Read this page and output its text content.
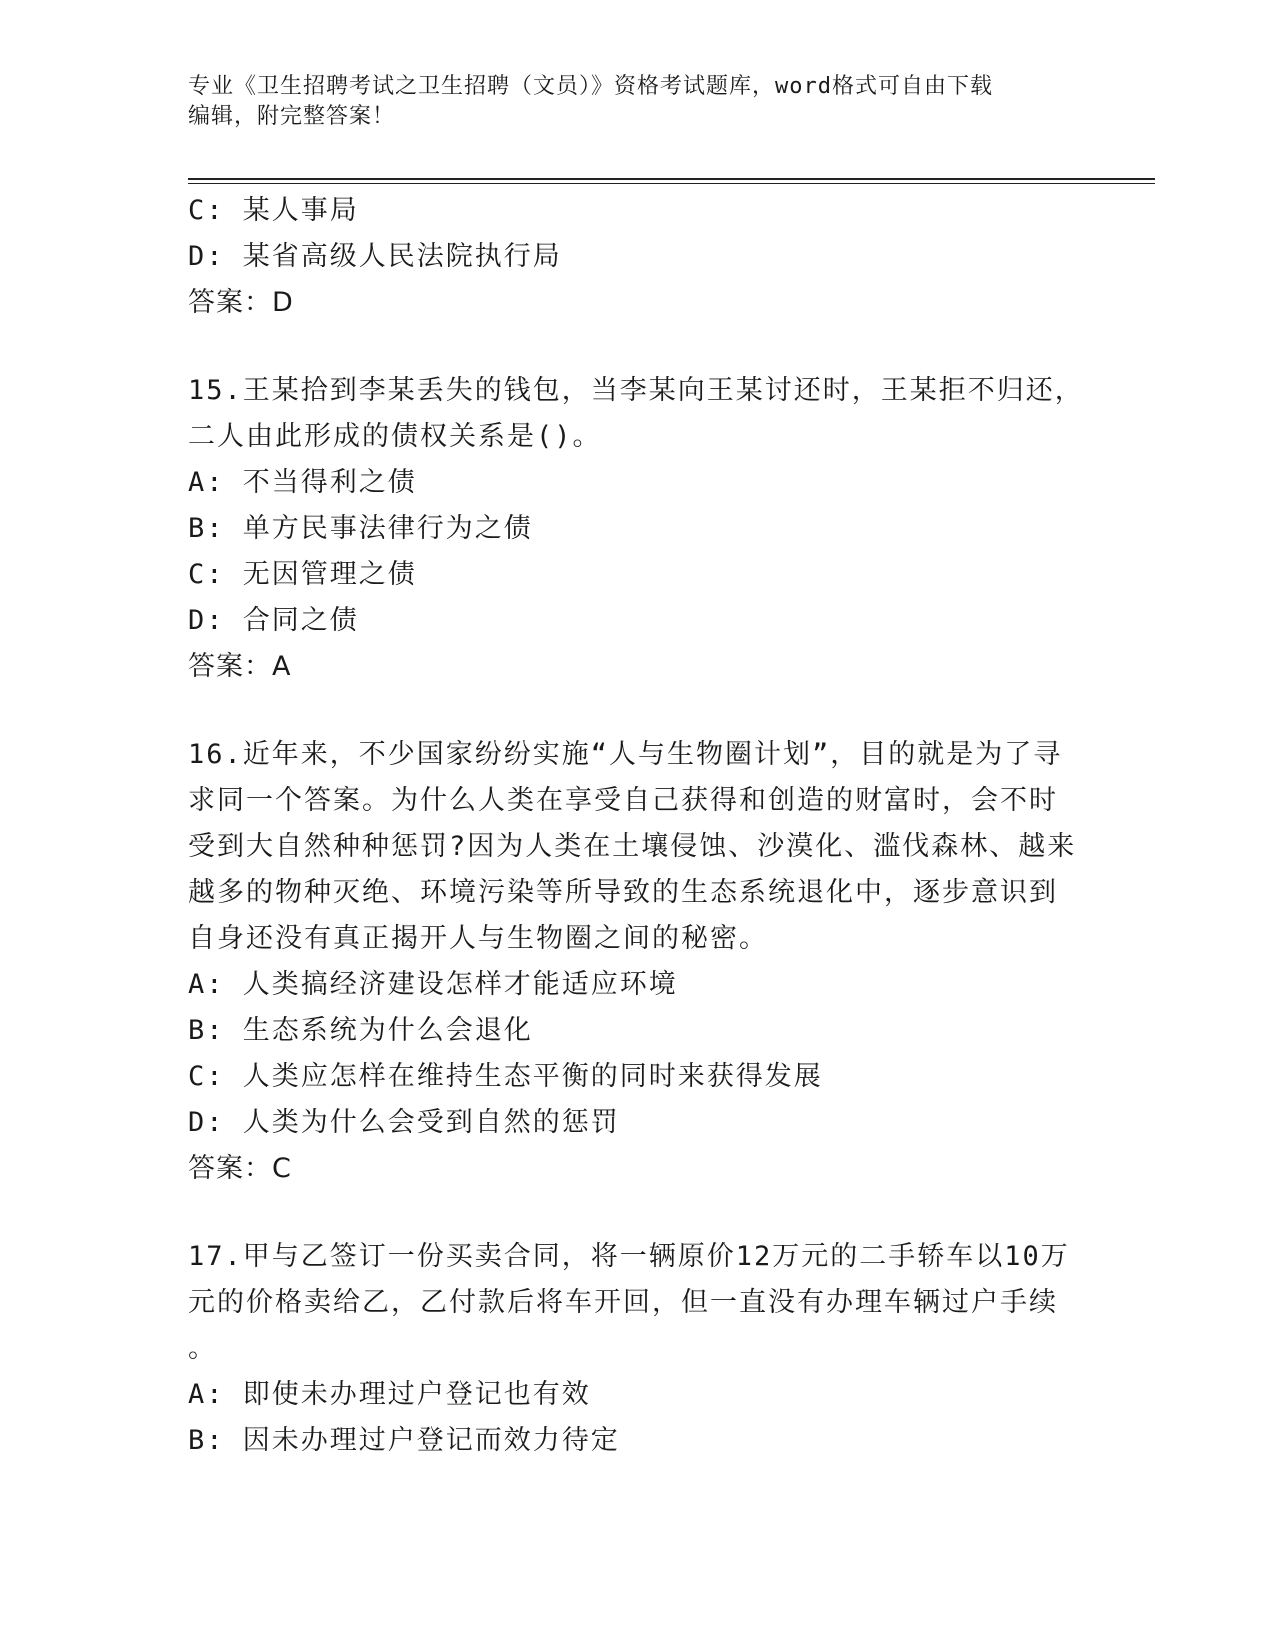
专业《卫生招聘考试之卫生招聘（文员）》资格考试题库，word格式可自由下载
编辑，附完整答案！
C: 某人事局
D: 某省高级人民法院执行局
答案：D
15.王某拾到李某丢失的钱包，当李某向王某讨还时，王某拒不归还，
二人由此形成的债权关系是()。
A: 不当得利之债
B: 单方民事法律行为之债
C: 无因管理之债
D: 合同之债
答案：A
16.近年来，不少国家纷纷实施“人与生物圈计划”，目的就是为了寻
求同一个答案。为什么人类在享受自己获得和创造的财富时，会不时
受到大自然种种惩罚?因为人类在土壤侵蚀、沙漠化、滥伐森林、越来
越多的物种灭绝、环境污染等所导致的生态系统退化中，逐步意识到
自身还没有真正揭开人与生物圈之间的秘密。
A: 人类搞经济建设怎样才能适应环境
B: 生态系统为什么会退化
C: 人类应怎样在维持生态平衡的同时来获得发展
D: 人类为什么会受到自然的惩罚
答案：C
17.甲与乙签订一份买卖合同，将一辆原价12万元的二手轿车以10万
元的价格卖给乙，乙付款后将车开回，但一直没有办理车辆过户手续
。
A: 即使未办理过户登记也有效
B: 因未办理过户登记而效力待定
